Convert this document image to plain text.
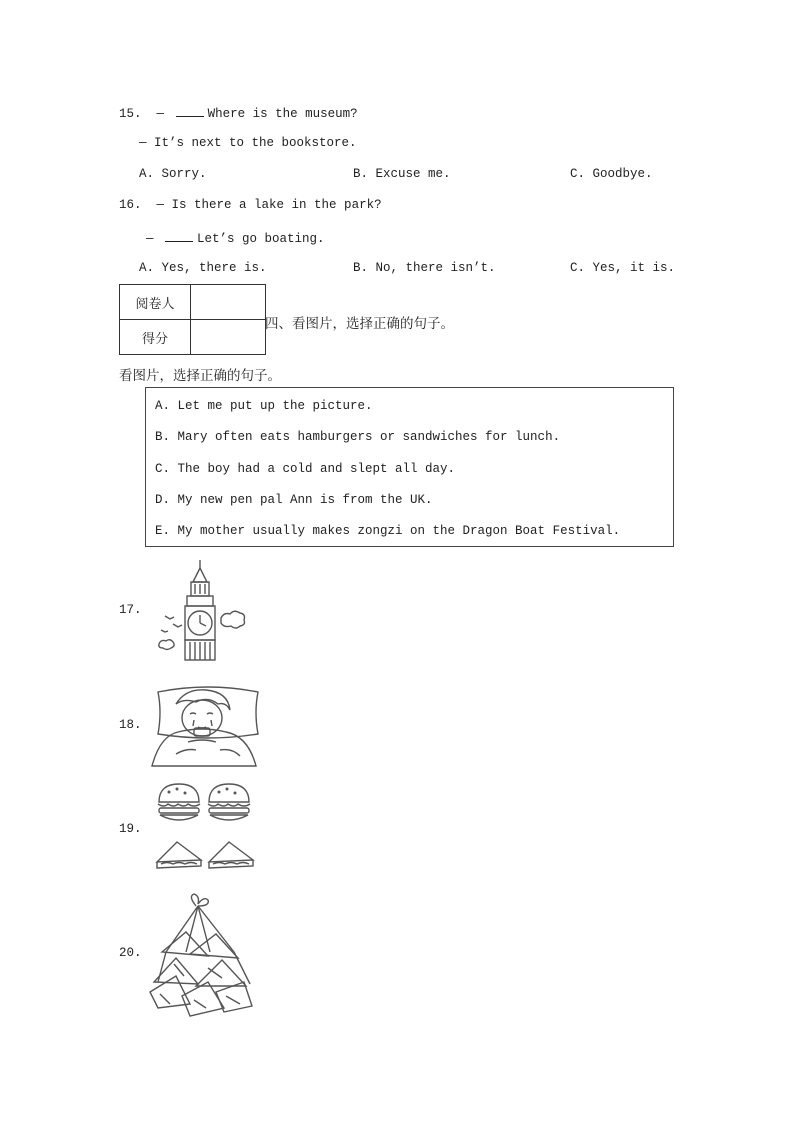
15. —	Where is the museum?
— It’s next to the bookstore.
A. Sorry.	B. Excuse me.	C. Goodbye.
16. — Is there a lake in the park?
—	Let’s go boating.
A. Yes, there is.	B. No, there isn’t.	C. Yes, it is.
阅卷人	
得分	
四、看图片，选择正确的句子。
看图片，选择正确的句子。
A. Let me put up the picture.
B. Mary often eats hamburgers or sandwiches for lunch.
C. The boy had a cold and slept all day.
D. My new pen pal Ann is from the UK.
E. My mother usually makes zongzi on the Dragon Boat Festival.
17.
18.
19.
20.
